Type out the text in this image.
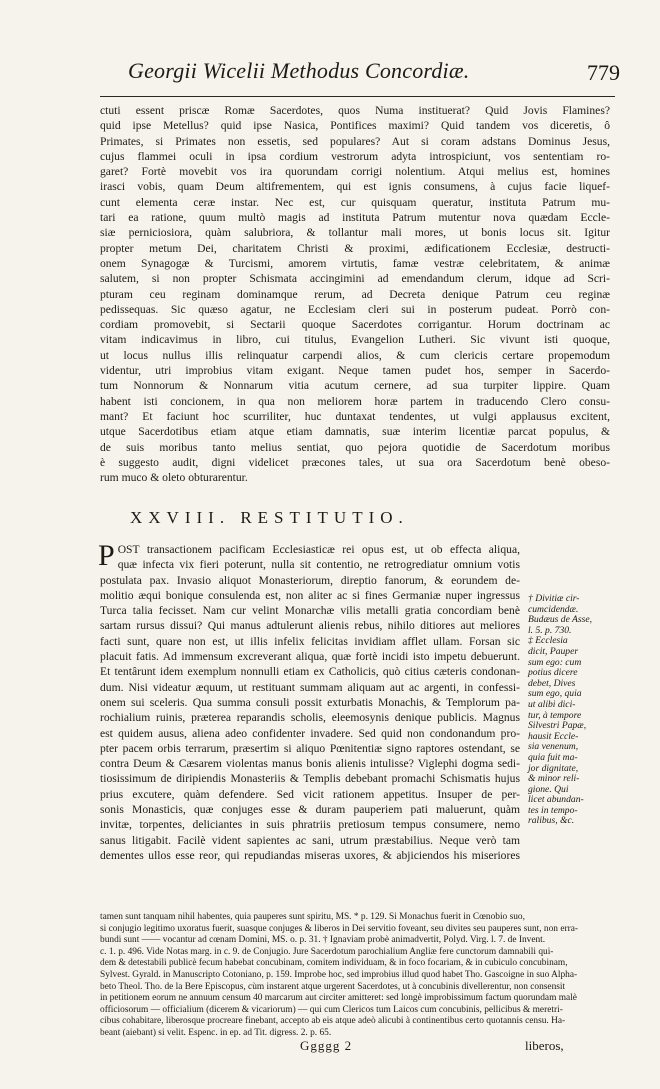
Georgii Wicelii Methodus Concordiæ.	779
ctuti essent priscæ Romæ Sacerdotes, quos Numa instituerat? Quid Jovis Flamines?
quid ipse Metellus? quid ipse Nasica, Pontifices maximi? Quid tandem vos diceretis, ô
Primates, si Primates non essetis, sed populares? Aut si coram adstans Dominus Jesus,
cujus flammei oculi in ipsa cordium vestrorum adyta introspiciunt, vos sententiam ro-
garet? Fortè movebit vos ira quorundam corrigi nolentium. Atqui melius est, homines
irasci vobis, quam Deum altifrementem, qui est ignis consumens, à cujus facie liquef-
cunt elementa ceræ instar. Nec est, cur quisquam queratur, instituta Patrum mu-
tari ea ratione, quum multò magis ad instituta Patrum mutentur nova quædam Eccle-
siæ perniciosiora, quàm salubriora, & tollantur mali mores, ut bonis locus sit. Igitur
propter metum Dei, charitatem Christi & proximi, ædificationem Ecclesiæ, destructi-
onem Synagogæ & Turcismi, amorem virtutis, famæ vestræ celebritatem, & animæ
salutem, si non propter Schismata accingimini ad emendandum clerum, idque ad Scri-
pturam ceu reginam dominamque rerum, ad Decreta denique Patrum ceu reginæ
pedissequas. Sic quæso agatur, ne Ecclesiam cleri sui in posterum pudeat. Porrò con-
cordiam promovebit, si Sectarii quoque Sacerdotes corrigantur. Horum doctrinam ac
vitam indicavimus in libro, cui titulus, Evangelion Lutheri. Sic vivunt isti quoque,
ut locus nullus illis relinquatur carpendi alios, & cum clericis certare propemodum
videntur, utri improbius vitam exigant. Neque tamen pudet hos, semper in Sacerdo-
tum Nonnorum & Nonnarum vitia acutum cernere, ad sua turpiter lippire. Quam
habent isti concionem, in qua non meliorem horæ partem in traducendo Clero consu-
mant? Et faciunt hoc scurriliter, huc duntaxat tendentes, ut vulgi applausus excitent,
utque Sacerdotibus etiam atque etiam damnatis, suæ interim licentiæ parcat populus, &
de suis moribus tanto melius sentiat, quo pejora quotidie de Sacerdotum moribus
è suggesto audit, digni videlicet præcones tales, ut sua ora Sacerdotum benè obeso-
rum muco & oleto obturarentur.
XXVIII. RESTITUTIO.
P OST transactionem pacificam Ecclesiasticæ rei opus est, ut ob effecta aliqua,
quæ infecta vix fieri poterunt, nulla sit contentio, ne retrogrediatur omnium votis
postulata pax. Invasio aliquot Monasteriorum, direptio fanorum, & eorundem de-
molitio æqui bonique consulenda est, non aliter ac si fines Germaniæ nuper ingressus
Turca talia fecisset. Nam cur velint Monarchæ vilis metalli gratia concordiam benè
sartam rursus dissui? Qui manus adtulerunt alienis rebus, nihilo ditiores aut meliores
facti sunt, quare non est, ut illis infelix felicitas invidiam afflet ullam. Forsan sic
placuit fatis. Ad immensum excreverant aliqua, quæ fortè incidi isto impetu debuerunt.
Et tentârunt idem exemplum nonnulli etiam ex Catholicis, quò citius cæteris condonan-
dum. Nisi videatur æquum, ut restituant summam aliquam aut ac argenti, in confessi-
onem sui sceleris. Qua summa consuli possit exturbatis Monachis, & Templorum pa-
rochialium ruinis, præterea reparandis scholis, eleemosynis denique publicis. Magnus
est quidem ausus, aliena adeo confidenter invadere. Sed quid non condonandum pro-
pter pacem orbis terrarum, præsertim si aliquo Pœnitentiæ signo raptores ostendant, se
contra Deum & Cæsarem violentas manus bonis alienis intulisse? Viglephi dogma sedi-
tiosissimum de diripiendis Monasteriis & Templis debebant promachi Schismatis hujus
prius excutere, quàm defendere. Sed vicit rationem appetitus. Insuper de per-
sonis Monasticis, quæ conjuges esse & duram pauperiem pati maluerunt, quàm
invitæ, torpentes, deliciantes in suis phratriis pretiosum tempus consumere, nemo
sanus litigabit. Facilè vident sapientes ac sani, utrum præstabilius. Neque verò tam
dementes ullos esse reor, qui repudiandas miseras uxores, & abjiciendos his miseriores
† Divitiæ cir-
cumcidendæ.
Budæus de Asse,
l. 5. p. 730.
‡ Ecclesia
dicit, Pauper
sum ego: cum
potius dicere
debet, Dives
sum ego, quia
ut alibi dici-
tur, à tempore
Silvestri Papæ,
hausit Eccle-
sia venenum,
quia fuit ma-
jor dignitate,
& minor reli-
gione. Qui
licet abundan-
tes in tempo-
ralibus, &c.
tamen sunt tanquam nihil habentes, quia pauperes sunt spiritu, MS. * p. 129. Si Monachus fuerit in Cœnobio suo,
si conjugio legitimo uxoratus fuerit, suasque conjuges & liberos in Dei servitio foveant, seu divites seu pauperes sunt, non erra-
bundi sunt —— vocantur ad cœnam Domini, MS. o. p. 31. † Ignaviam probè animadvertit, Polyd. Virg. l. 7. de Invent.
c. 1. p. 496. Vide Notas marg. in c. 9. de Conjugio. Jure Sacerdotum parochialium Angliæ fere cunctorum damnabili qui-
dem & detestabili publicè fecum habebat concubinam, comitem individuam, & in foco focariam, & in cubiculo concubinam,
Sylvest. Gyrald. in Manuscripto Cotoniano, p. 159. Improbe hoc, sed improbius illud quod habet Tho. Gascoigne in suo Alpha-
beto Theol. Tho. de la Bere Episcopus, cùm instarent atque urgerent Sacerdotes, ut à concubinis divellerentur, non consensit
in petitionem eorum ne annuum censum 40 marcarum aut circiter amitteret: sed longè improbissimum factum quorundam malè
officiosorum — officialium (dicerem & vicariorum) — qui cum Clericos tum Laicos cum concubinis, pellicibus & meretri-
cibus cohabitare, liberosque procreare finebant, accepto ab eis atque adeò alicubi à continentibus certo quotannis censu. Ha-
beant (aiebant) si velit. Espenc. in ep. ad Tit. digress. 2. p. 65.
Ggggg 2	liberos,
